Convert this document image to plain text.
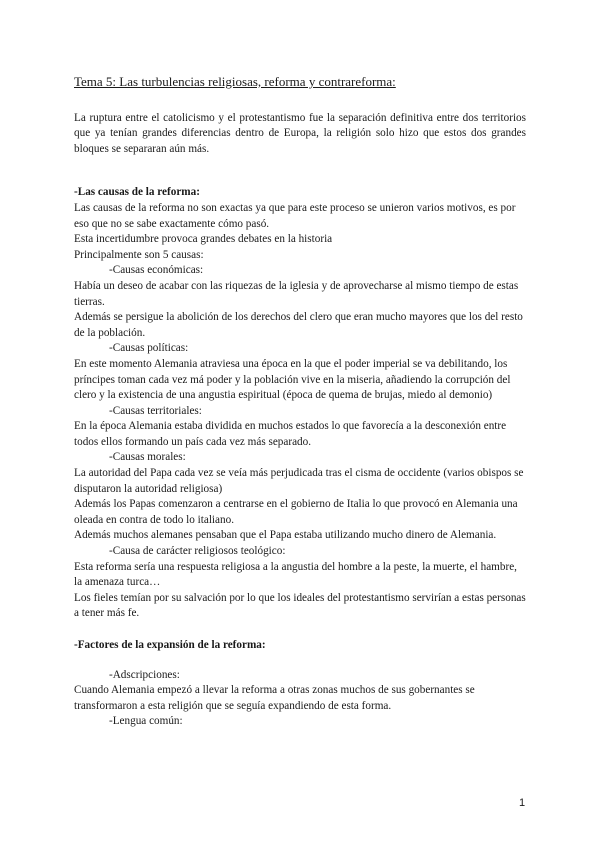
Tema 5: Las turbulencias religiosas, reforma y contrareforma:

La ruptura entre el catolicismo y el protestantismo fue la separación definitiva entre dos territorios que ya tenían grandes diferencias dentro de Europa, la religión solo hizo que estos dos grandes bloques se separaran aún más.

-Las causas de la reforma:

Las causas de la reforma no son exactas ya que para este proceso se unieron varios motivos, es por eso que no se sabe exactamente cómo pasó.

Esta incertidumbre provoca grandes debates en la historia

Principalmente son 5 causas:

-Causas económicas:

Había un deseo de acabar con las riquezas de la iglesia y de aprovecharse al mismo tiempo de estas tierras.

Además se persigue la abolición de los derechos del clero que eran mucho mayores que los del resto de la población.

-Causas políticas:

En este momento Alemania atraviesa una época en la que el poder imperial se va debilitando, los príncipes toman cada vez má poder y la población vive en la miseria, añadiendo la corrupción del clero y la existencia de una angustia espiritual (época de quema de brujas, miedo al demonio)

-Causas territoriales:

En la época Alemania estaba dividida en muchos estados lo que favorecía a la desconexión entre todos ellos formando un país cada vez más separado.

-Causas morales:

La autoridad del Papa cada vez se veía más perjudicada tras el cisma de occidente (varios obispos se disputaron la autoridad religiosa)

Además los Papas comenzaron a centrarse en el gobierno de Italia lo que provocó en Alemania una oleada en contra de todo lo italiano.

Además muchos alemanes pensaban que el Papa estaba utilizando mucho dinero de Alemania.

-Causa de carácter religiosos teológico:

Esta reforma sería una respuesta religiosa a la angustia del hombre a la peste, la muerte, el hambre, la amenaza turca…

Los fieles temían por su salvación por lo que los ideales del protestantismo servirían a estas personas a tener más fe.

-Factores de la expansión de la reforma:

-Adscripciones:

Cuando Alemania empezó a llevar la reforma a otras zonas muchos de sus gobernantes se transformaron a esta religión que se seguía expandiendo de esta forma.

-Lengua común:

1
